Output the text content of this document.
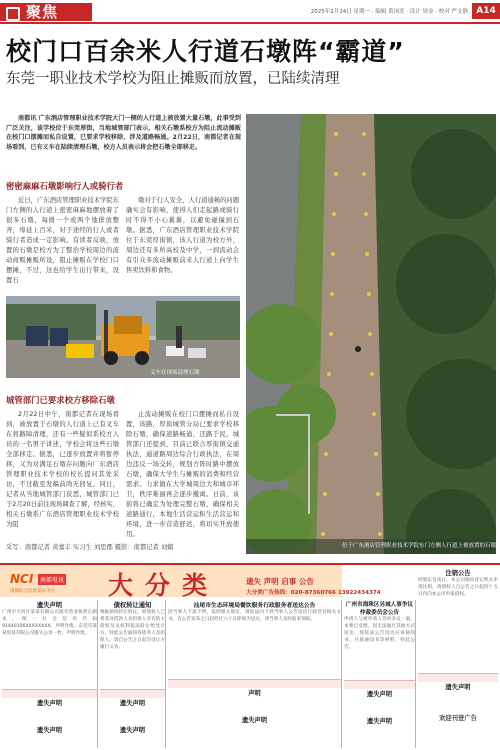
聚焦	2025年2月24日 星期一 · 编辑 黄国美 · 设计 周金 · 校对 严文静 A14
校门口百余米人行道石墩阵“霸道”
东莞一职业技术学校为阻止摊贩而放置，已陆续清理
南都讯 广东酒店管理职业技术学院大门一侧的人行道上被放置大量石墩，此事受到广泛关注，该学校位于东莞厚街，当地城管部门表示，相关石墩系校方为阻止流动摊贩在校门口摆摊而私自设置，已要求学校移除，涉及道路畅通。2月22日，南都记者在现场看到，已有义车在陆续清理石墩，校方人员表示将会把石墩全部移走。
密密麻麻石墩影响行人或骑行者
近日，广东酒店管理职业技术学院东门左侧的人行道上密密麻麻地摆放着了很多石墩，每排一个或两个地排放整齐，绵延上百米，对于途经的行人或者骑行者造成一定影响。有读者反映，放置的石墩是校方为了整治学校周边的流动商贩摊贩所设，阻止摊贩在学校门口摆摊，不过，这也给学生出行带来，设置石
墩对于行人安全，人行道通畅的问题确实会有影响，使得人们走起路或骑行时不得不小心翼翼，以避免碰撞到石墩。据悉，广东酒店管理职业技术学院位于东莞厚街镇，该人行道为校方外，周边还有多所高校及中学，一到流动会有引众多流动摊贩前来人行道上向学生售卖饮料和食物。
义车在现场清理石墩
城管部门已要求校方移除石墩
2月22日中午，南都记者在现场看到，被放置于石墩的人行道上已有叉车在将路障清理，还有一些疑似系校方人员的一名男子讲述，学校会将这些石墩全部移走。据悉，已逐步放置并将暂停移，又为对满足石墩存问题向厂东酒店管理职业技术学校的校长提问其处采访，不过截至发稿前尚无回复。同日，记者从当地城管部门获悉，城管部门已于2月20日前往现场调查了解，经核实，相关石墩系广东酒店管理职业技术学校为阻
止流动摊贩在校门口摆摊而私自设置，该路，厚街城管分局已要求学校移除石墩，确保道路畅通，还路于民。城管部门还提到，目前已联合厚街镇交通执法，通道路周边综合行政执法，在周边违反一场交转，规划方阵时路中摆放石墩，确保大学生与摊贩的消费和经营需求。力求做在大学城周边大和城市环卫，秩序难丽再会逐步撤离。日前，该街将已确定为处理完整石墩，确保相关道路通行，本地生活营运积生活营运和环境，进一步营造舒适，将切实开放使用。
采写：南都记者 黄嘉丰 实习生 刘思郡 摄影：南都记者 刘媚	位于广东酒店管理职业技术学院东门左侧人行道上被放置的石墩
NCI	南都电讯
南都综合信息发布平台 大分类	遗失 声明 启事 公告
大分类广告热线：020-87360766 13922434374
遗失声明
广州市天河区某某有限公司遗失营业执照正副本，统一社会信用代码91440106XXXXXXXX，声明作废。东莞市某某贸易有限公司遗失公章一枚，声明作废。
遗失声明
遗失声明
债权转让通知
根据债权转让协议，原债权人已将其对借款人及担保人享有的主债权及从权利依法转让给受让方，特此公告通知各债务人及担保人，请自公告之日起向受让方履行义务。
遗失声明
遗失声明
汕尾市生态环境局餐饮服务行政服务者送达公告
因当事人下落不明，依照相关规定，现依法向下列当事人公告送达行政处罚相关文书，自公告发布之日起经过六十日即视为送达，请当事人及时前来领取。
声明
遗失声明
广州市海珠区另城人事争议仲裁委员会公告
申请人与被申请人劳动争议一案，本委已受理，因无法通过其他方式送达，现依法公告送达应诉通知书、开庭通知书等材料，特此公告。
遗失声明
遗失声明
注销公告
经股东会决议，本公司拟向登记机关申请注销，请债权人自公告之日起四十五日内向本公司申报债权。
遗失声明
欢迎刊登广告
